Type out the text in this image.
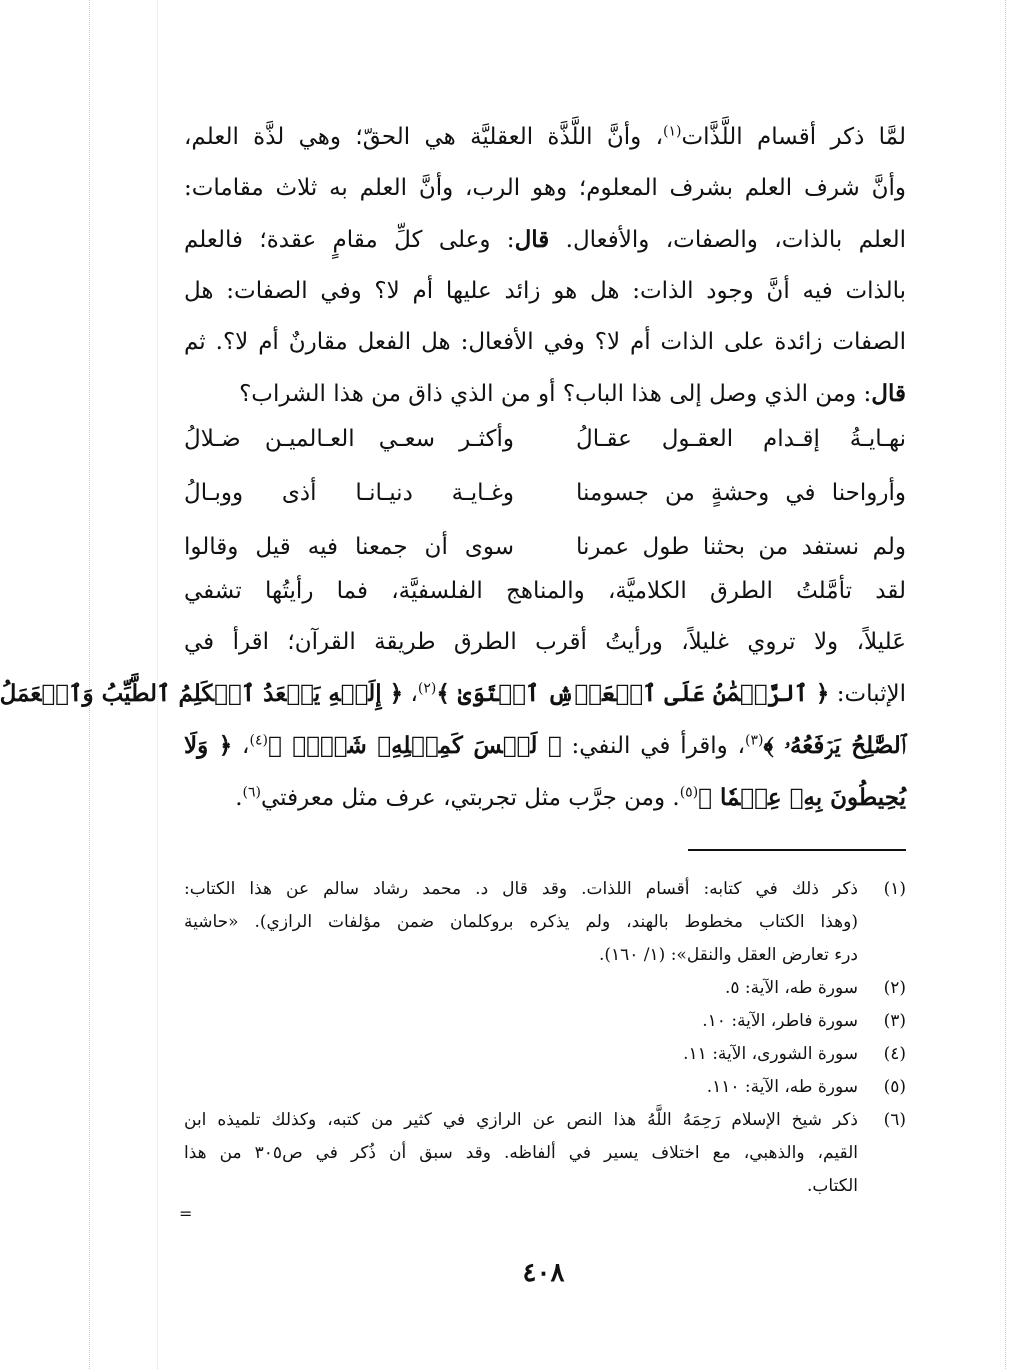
لمَّا ذكر أقسام اللَّذَّات$^{(١)}$، وأنَّ اللَّذَّة العقليَّة هي الحقّ؛ وهي لذَّة العلم،
وأنَّ شرف العلم بشرف المعلوم؛ وهو الرب، وأنَّ العلم به ثلاث مقامات:
العلم بالذات، والصفات، والأفعال. قال: وعلى كلِّ مقامٍ عقدة؛ فالعلم
بالذات فيه أنَّ وجود الذات: هل هو زائد عليها أم لا؟ وفي الصفات: هل
الصفات زائدة على الذات أم لا؟ وفي الأفعال: هل الفعل مقارنٌ أم لا؟. ثم
قال: ومن الذي وصل إلى هذا الباب؟ أو من الذي ذاق من هذا الشراب؟
نهـايـةُ إقـدام العقـول عقـالُ
وأكثـر سعـي العـالميـن ضـلالُ
وأرواحنا في وحشةٍ من جسومنا
وغـايـة دنيـانـا أذى ووبـالُ
ولم نستفد من بحثنا طول عمرنا
سوى أن جمعنا فيه قيل وقالوا
لقد تأمَّلتُ الطرق الكلاميَّة، والمناهج الفلسفيَّة، فما رأيتُها تشفي
عَليلاً، ولا تروي غليلاً، ورأيتُ أقرب الطرق طريقة القرآن؛ اقرأ في
الإثبات: ﴿ ٱلرَّحۡمَٰنُ عَلَى ٱلۡعَرۡشِ ٱسۡتَوَىٰ ﴾$^{(٢)}$، ﴿ إِلَيۡهِ يَصۡعَدُ ٱلۡكَلِمُ ٱلطَّيِّبُ وَٱلۡعَمَلُ
ٱلصَّٰلِحُ يَرۡفَعُهُۥ ﴾$^{(٣)}$، واقرأ في النفي: ﴿ لَيۡسَ كَمِثۡلِهِۦ شَيۡءٞ ﴾$^{(٤)}$، ﴿ وَلَا
يُحِيطُونَ بِهِۦ عِلۡمٗا ﴾$^{(٥)}$. ومن جرَّب مثل تجربتي، عرف مثل معرفتي$^{(٦)}$.
(١)
ذكر ذلك في كتابه: أقسام اللذات. وقد قال د. محمد رشاد سالم عن هذا الكتاب:
(وهذا الكتاب مخطوط بالهند، ولم يذكره بروكلمان ضمن مؤلفات الرازي). «حاشية
درء تعارض العقل والنقل»: (١/ ١٦٠).
(٢)
سورة طه، الآية: ٥.
(٣)
سورة فاطر، الآية: ١٠.
(٤)
سورة الشورى، الآية: ١١.
(٥)
سورة طه، الآية: ١١٠.
(٦)
ذكر شيخ الإسلام رَحِمَهُ اللَّهُ هذا النص عن الرازي في كثير من كتبه، وكذلك تلميذه ابن
القيم، والذهبي، مع اختلاف يسير في ألفاظه. وقد سبق أن ذُكر في ص٣٠٥ من هذا
الكتاب.
=
٤٠٨
